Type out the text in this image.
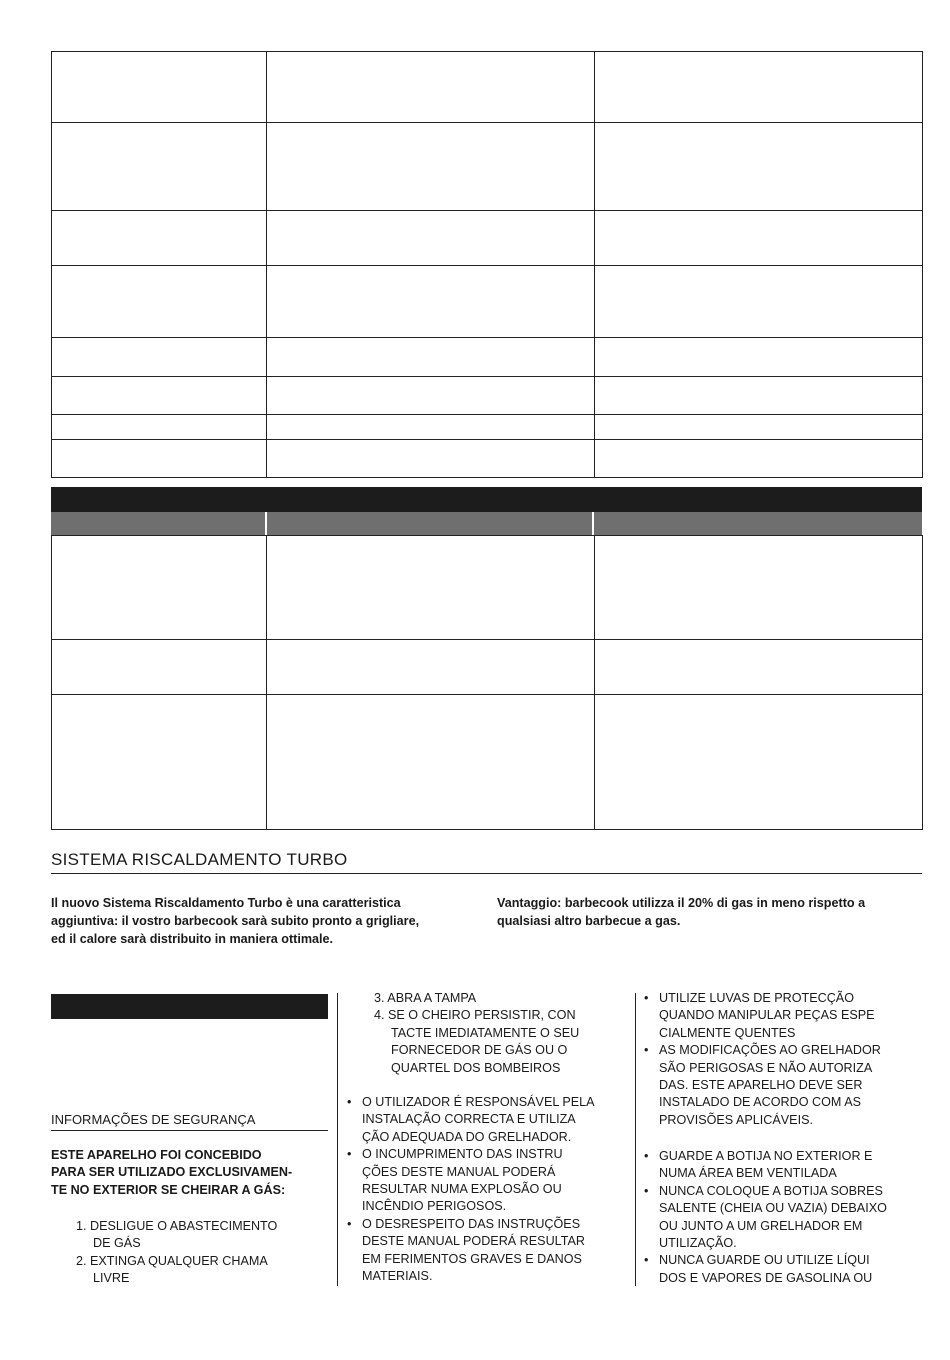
SISTEMA RISCALDAMENTO TURBO
Il nuovo Sistema Riscaldamento Turbo è una caratteristica
aggiuntiva: il vostro barbecook sarà subito pronto a grigliare,
ed il calore sarà distribuito in maniera ottimale.
Vantaggio: barbecook utilizza il 20% di gas in meno rispetto a
qualsiasi altro barbecue a gas.
INFORMAÇÕES DE SEGURANÇA
ESTE APARELHO FOI CONCEBIDO
PARA SER UTILIZADO EXCLUSIVAMEN-
TE NO EXTERIOR SE CHEIRAR A GÁS:
1. DESLIGUE O ABASTECIMENTO
DE GÁS
2. EXTINGA QUALQUER CHAMA
LIVRE
3. ABRA A TAMPA
4. SE O CHEIRO PERSISTIR, CON
TACTE IMEDIATAMENTE O SEU
FORNECEDOR DE GÁS OU O
QUARTEL DOS BOMBEIROS
• O UTILIZADOR É RESPONSÁVEL PELA
INSTALAÇÃO CORRECTA E UTILIZA
ÇÃO ADEQUADA DO GRELHADOR.
• O INCUMPRIMENTO DAS INSTRU
ÇÕES DESTE MANUAL PODERÁ
RESULTAR NUMA EXPLOSÃO OU
INCÊNDIO PERIGOSOS.
• O DESRESPEITO DAS INSTRUÇÕES
DESTE MANUAL PODERÁ RESULTAR
EM FERIMENTOS GRAVES E DANOS
MATERIAIS.
• UTILIZE LUVAS DE PROTECÇÃO
QUANDO MANIPULAR PEÇAS ESPE
CIALMENTE QUENTES
• AS MODIFICAÇÕES AO GRELHADOR
SÃO PERIGOSAS E NÃO AUTORIZA
DAS. ESTE APARELHO DEVE SER
INSTALADO DE ACORDO COM AS
PROVISÕES APLICÁVEIS.
• GUARDE A BOTIJA NO EXTERIOR E
NUMA ÁREA BEM VENTILADA
• NUNCA COLOQUE A BOTIJA SOBRES
SALENTE (CHEIA OU VAZIA) DEBAIXO
OU JUNTO A UM GRELHADOR EM
UTILIZAÇÃO.
• NUNCA GUARDE OU UTILIZE LÍQUI
DOS E VAPORES DE GASOLINA OU
